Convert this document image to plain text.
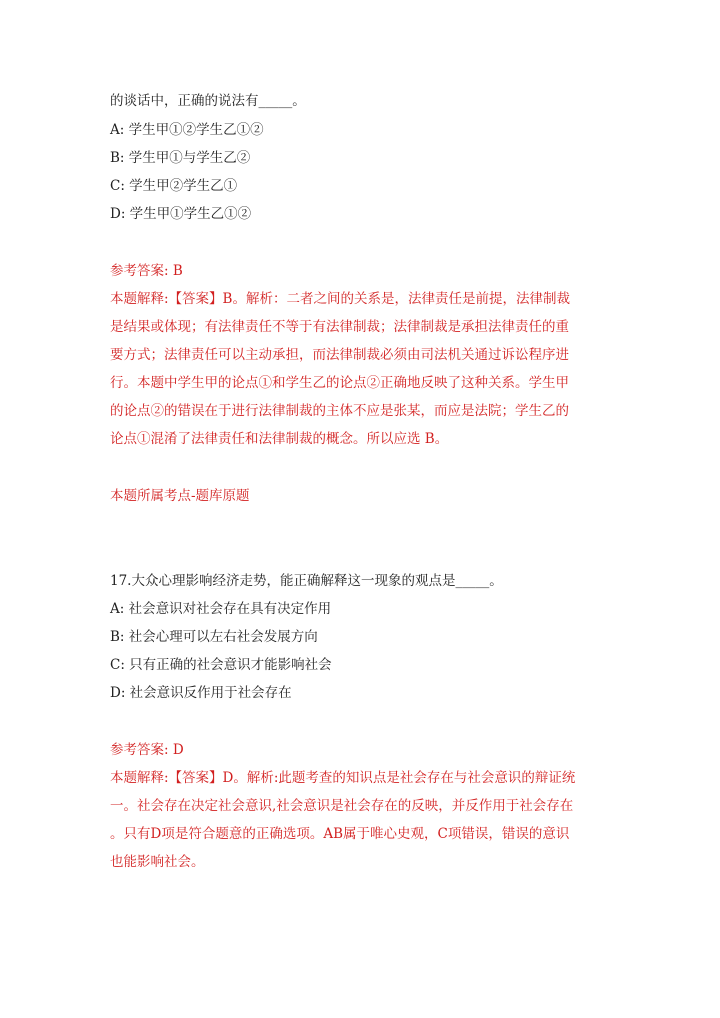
的谈话中，正确的说法有_____。
A: 学生甲①②学生乙①②
B: 学生甲①与学生乙②
C: 学生甲②学生乙①
D: 学生甲①学生乙①②
参考答案: B
本题解释:【答案】B。解析：二者之间的关系是，法律责任是前提，法律制裁
是结果或体现；有法律责任不等于有法律制裁；法律制裁是承担法律责任的重
要方式；法律责任可以主动承担，而法律制裁必须由司法机关通过诉讼程序进
行。本题中学生甲的论点①和学生乙的论点②正确地反映了这种关系。学生甲
的论点②的错误在于进行法律制裁的主体不应是张某，而应是法院；学生乙的
论点①混淆了法律责任和法律制裁的概念。所以应选 B。
本题所属考点-题库原题
17.大众心理影响经济走势，能正确解释这一现象的观点是_____。
A: 社会意识对社会存在具有决定作用
B: 社会心理可以左右社会发展方向
C: 只有正确的社会意识才能影响社会
D: 社会意识反作用于社会存在
参考答案: D
本题解释:【答案】D。解析:此题考查的知识点是社会存在与社会意识的辩证统
一。社会存在决定社会意识,社会意识是社会存在的反映，并反作用于社会存在
。只有D项是符合题意的正确选项。AB属于唯心史观，C项错误，错误的意识
也能影响社会。
